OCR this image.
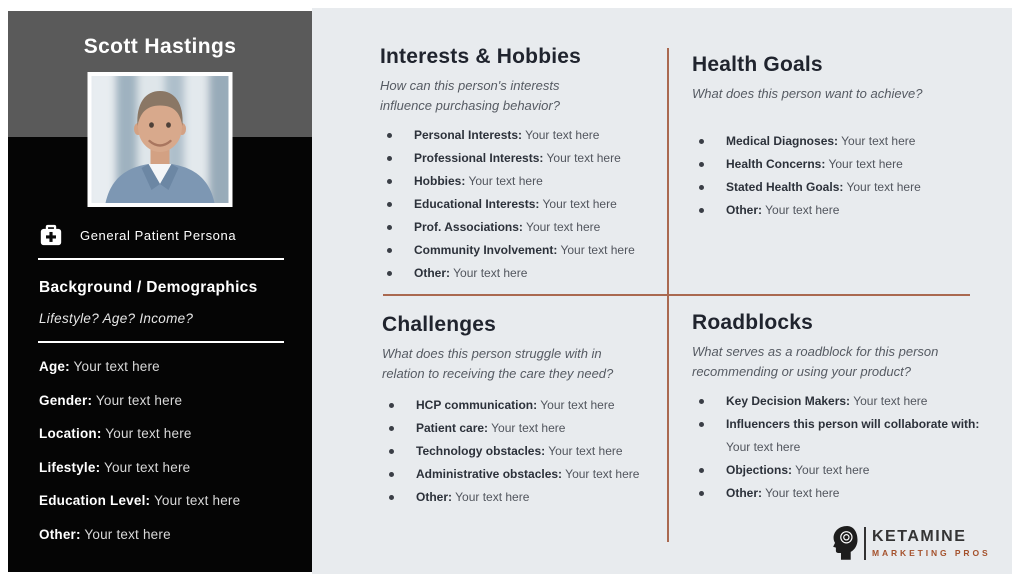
Scott Hastings
General Patient Persona
Background / Demographics
Lifestyle? Age? Income?
Age: Your text here
Gender: Your text here
Location: Your text here
Lifestyle: Your text here
Education Level: Your text here
Other: Your text here
Interests & Hobbies
How can this person's interests influence purchasing behavior?

Personal Interests: Your text here

Professional Interests: Your text here

Hobbies: Your text here

Educational Interests: Your text here

Prof. Associations: Your text here

Community Involvement: Your text here

Other: Your text here

Health Goals
What does this person want to achieve?

Medical Diagnoses: Your text here

Health Concerns: Your text here

Stated Health Goals: Your text here

Other: Your text here

Challenges
What does this person struggle with in relation to receiving the care they need?

HCP communication: Your text here

Patient care: Your text here

Technology obstacles: Your text here

Administrative obstacles: Your text here

Other: Your text here

Roadblocks
What serves as a roadblock for this person recommending or using your product?

Key Decision Makers: Your text here

Influencers this person will collaborate with: Your text here

Objections: Your text here

Other: Your text here

KETAMINE
MARKETING PROS
